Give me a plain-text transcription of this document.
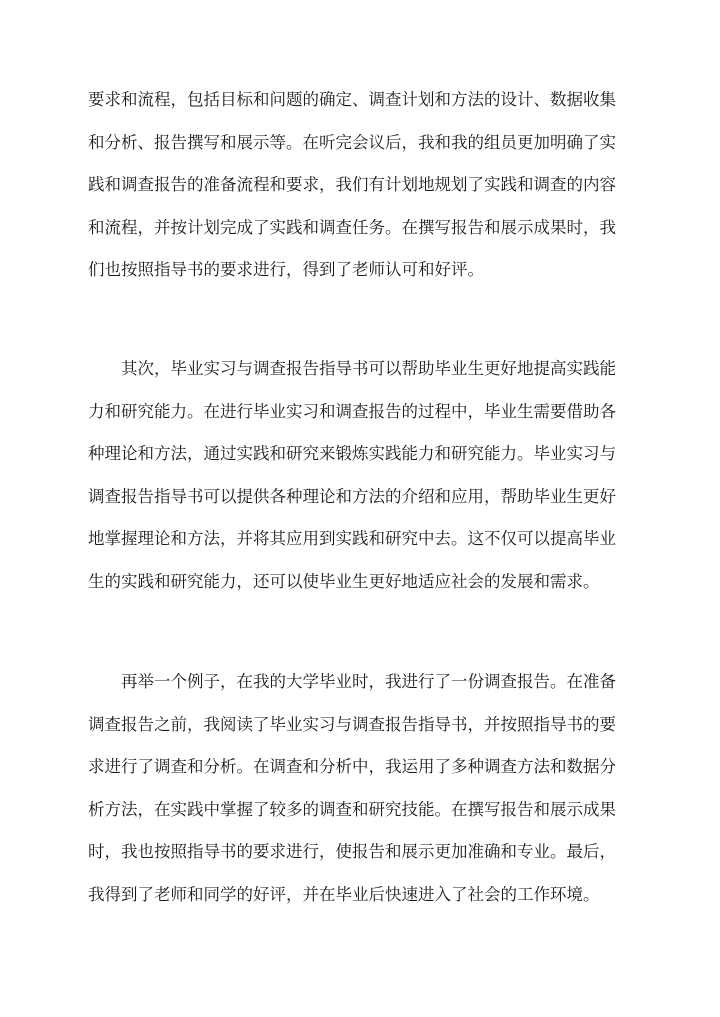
要求和流程，包括目标和问题的确定、调查计划和方法的设计、数据收集
和分析、报告撰写和展示等。在听完会议后，我和我的组员更加明确了实
践和调查报告的准备流程和要求，我们有计划地规划了实践和调查的内容
和流程，并按计划完成了实践和调查任务。在撰写报告和展示成果时，我
们也按照指导书的要求进行，得到了老师认可和好评。
其次，毕业实习与调查报告指导书可以帮助毕业生更好地提高实践能
力和研究能力。在进行毕业实习和调查报告的过程中，毕业生需要借助各
种理论和方法，通过实践和研究来锻炼实践能力和研究能力。毕业实习与
调查报告指导书可以提供各种理论和方法的介绍和应用，帮助毕业生更好
地掌握理论和方法，并将其应用到实践和研究中去。这不仅可以提高毕业
生的实践和研究能力，还可以使毕业生更好地适应社会的发展和需求。
再举一个例子，在我的大学毕业时，我进行了一份调查报告。在准备
调查报告之前，我阅读了毕业实习与调查报告指导书，并按照指导书的要
求进行了调查和分析。在调查和分析中，我运用了多种调查方法和数据分
析方法，在实践中掌握了较多的调查和研究技能。在撰写报告和展示成果
时，我也按照指导书的要求进行，使报告和展示更加准确和专业。最后，
我得到了老师和同学的好评，并在毕业后快速进入了社会的工作环境。
